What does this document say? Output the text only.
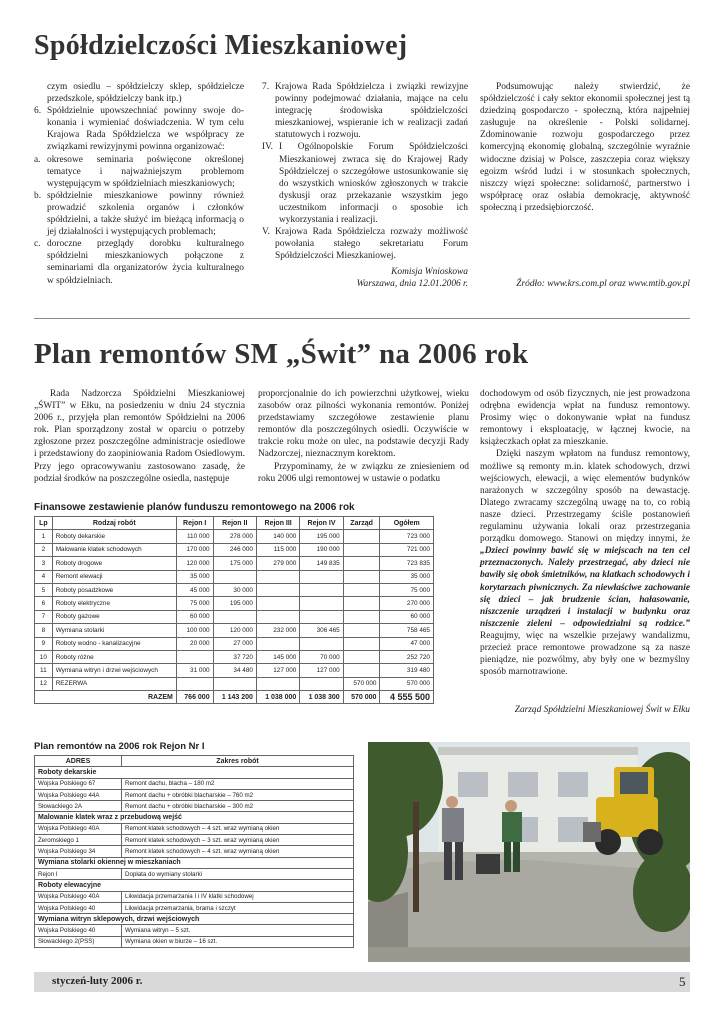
Spółdzielczości Mieszkaniowej
czym osiedlu – spółdzielczy sklep, spółdzielcze przedszkole, spółdzielczy bank itp.)
6. Spółdzielnie upowszechniać powinny swoje do-konania i wymieniać doświadczenia. W tym celu Krajowa Rada Spółdzielcza we współpracy ze związkami rewizyjnymi powinna organizować:
a. okresowe seminaria poświęcone określonej tematyce i najważniejszym problemom występującym w spółdzielniach mieszkaniowych;
b. spółdzielnie mieszkaniowe powinny również prowadzić szkolenia organów i członków spółdzielni, a także służyć im bieżącą informacją o jej działalności i występujących problemach;
c. doroczne przeglądy dorobku kulturalnego spółdzielni mieszkaniowych połączone z seminariami dla organizatorów życia kulturalnego w spółdzielniach.
7. Krajowa Rada Spółdzielcza i związki rewizyjne powinny podejmować działania, mające na celu integrację środowiska spółdzielczości mieszkaniowej, wspieranie ich w realizacji zadań statutowych i rozwoju.
IV. I Ogólnopolskie Forum Spółdzielczości Mieszkaniowej zwraca się do Krajowej Rady Spółdzielczej o szczegółowe ustosunkowanie się do wszystkich wniosków zgłoszonych w trakcie dyskusji oraz przekazanie wszystkim jego uczestnikom informacji o sposobie ich wykorzystania i realizacji.
V. Krajowa Rada Spółdzielcza rozważy możliwość powołania stałego sekretariatu Forum Spółdzielczości Mieszkaniowej.
Komisja Wnioskowa
Warszawa, dnia 12.01.2006 r.
Podsumowując należy stwierdzić, że spółdzielczość i cały sektor ekonomii społecznej jest tą dziedziną gospodarczo - społeczną, która najpełniej zasługuje na określenie - Polski solidarnej. Zdominowanie rozwoju gospodarczego przez komercyjną ekonomię globalną, szczególnie wyraźnie widoczne dzisiaj w Polsce, zaszczepia coraz większy egoizm wśród ludzi i w stosunkach społecznych, niszczy więzi społeczne: solidarność, partnerstwo i współpracę oraz osłabia demokrację, aktywność społeczną i przedsiębiorczość.
Źródło: www.krs.com.pl oraz www.mtib.gov.pl
Plan remontów SM „Świt” na 2006 rok
Rada Nadzorcza Spółdzielni Mieszkaniowej „ŚWIT” w Ełku, na posiedzeniu w dniu 24 stycznia 2006 r., przyjęła plan remontów Spółdzielni na 2006 rok. Plan sporządzony został w oparciu o potrzeby zgłoszone przez poszczególne administracje osiedlowe i przedstawiony do zaopiniowania Radom Osiedlowym. Przy jego opracowywaniu zastosowano zasadę, że podział środków na poszczególne osiedla, następuje

proporcjonalnie do ich powierzchni użytkowej, wieku zasobów oraz pilności wykonania remontów. Poniżej przedstawiamy szczegółowe zestawienie planu remontów dla poszczególnych osiedli. Oczywiście w trakcie roku może on ulec, na podstawie decyzji Rady Nadzorczej, nieznacznym korektom.

Przypominamy, że w związku ze zniesieniem od roku 2006 ulgi remontowej w ustawie o podatku

dochodowym od osób fizycznych, nie jest prowadzona odrębna ewidencja wpłat na fundusz remontowy. Prosimy więc o dokonywanie wpłat na fundusz remontowy i eksploatację, w łącznej kwocie, na książeczkach opłat za mieszkanie.

Dzięki naszym wpłatom na fundusz remontowy, możliwe są remonty m.in. klatek schodowych, drzwi wejściowych, elewacji, a więc elementów budynków narażonych w szczególny sposób na dewastację. Dlatego zwracamy szczególną uwagę na to, co robią nasze dzieci. Przestrzegamy ściśle postanowień regulaminu używania lokali oraz przestrzegania porządku domowego. Stanowi on między innymi, że „Dzieci powinny bawić się w miejscach na ten cel przeznaczonych. Należy przestrzegać, aby dzieci nie bawiły się obok śmietników, na klatkach schodowych i korytarzach piwnicznych. Za niewłaściwe zachowanie się dzieci – jak brudzenie ścian, hałasowanie, niszczenie urządzeń i instalacji w budynku oraz niszczenie zieleni – odpowiedzialni są rodzice.” Reagujmy, więc na wszelkie przejawy wandalizmu, przecież prace remontowe prowadzone są za nasze pieniądze, nie pozwólmy, aby były one w bezmyślny sposób marnotrawione.

Zarząd Spółdzielni Mieszkaniowej Świt w Ełku
Finansowe zestawienie planów funduszu remontowego na 2006 rok
Lp	Rodzaj robót	Rejon I	Rejon II	Rejon III	Rejon IV	Zarząd	Ogółem
1	Roboty dekarskie	110 000	278 000	140 000	195 000		723 000
2	Malowanie klatek schodowych	170 000	246 000	115 000	190 000		721 000
3	Roboty drogowe	120 000	175 000	279 000	149 835		723 835
4	Remont elewacji	35 000					35 000
5	Roboty posadzkowe	45 000	30 000				75 000
6	Roboty elektryczne	75 000	195 000				270 000
7	Roboty gazowe	60 000					60 000
8	Wymiana stolarki	100 000	120 000	232 000	306 465		758 465
9	Roboty wodno - kanalizacyjne	20 000	27 000				47 000
10	Roboty różne		37 720	145 000	70 000		252 720
11	Wymiana witryn i drzwi wejściowych	31 000	34 480	127 000	127 000		319 480
12	REZERWA					570 000	570 000
RAZEM		766 000	1 143 200	1 038 000	1 038 300	570 000	4 555 500
Plan remontów na 2006 rok Rejon Nr I
ADRES	Zakres robót
Roboty dekarskie	
Wojska Polskiego 67	Remont dachu, blacha – 180 m2
Wojska Polskiego 44A	Remont dachu + obróbki blacharskie – 760 m2
Słowackiego 2A	Remont dachu + obróbki blacharskie – 300 m2
Malowanie klatek wraz z przebudową wejść	
Wojska Polskiego 40A	Remont klatek schodowych – 4 szt. wraz wymianą okien
Żeromskiego 1	Remont klatek schodowych – 3 szt. wraz wymianą okien
Wojska Polskiego 34	Remont klatek schodowych – 4 szt. wraz wymianą okien
Wymiana stolarki okiennej w mieszkaniach	
Rejon I	Dopłata do wymiany stolarki
Roboty elewacyjne	
Wojska Polskiego 40A	Likwidacja przemarzania I i IV klatki schodowej
Wojska Polskiego 40	Likwidacja przemarzania, brama i szczyt
Wymiana witryn sklepowych, drzwi wejściowych	
Wojska Polskiego 40	Wymiana witryn – 5 szt.
Słowackiego 2(PSS)	Wymiana okien w biurze – 16 szt.
styczeń-luty 2006 r.	5
